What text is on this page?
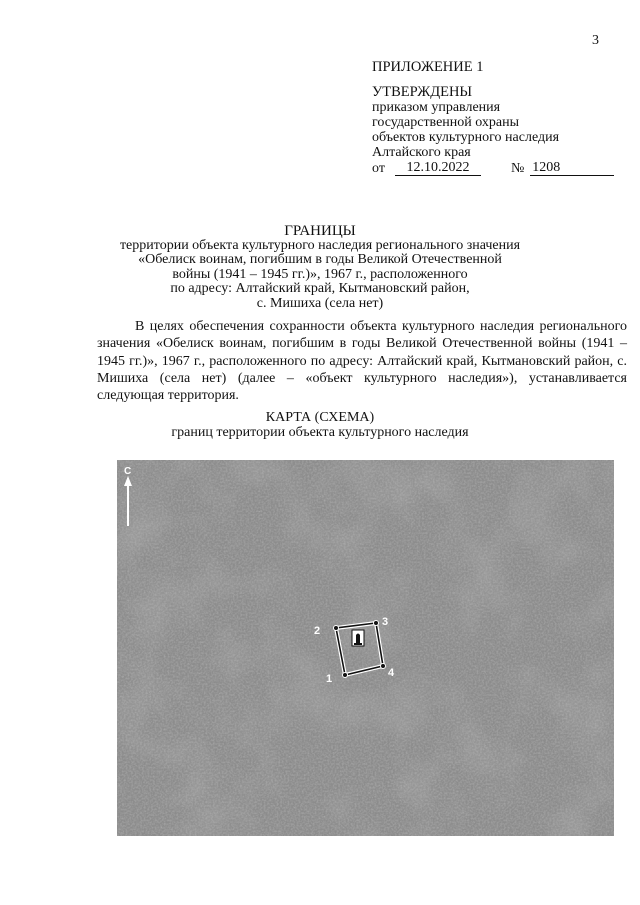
3
ПРИЛОЖЕНИЕ 1
УТВЕРЖДЕНЫ
приказом управления
государственной охраны
объектов культурного наследия
Алтайского края
от	12.10.2022	№ 1208
ГРАНИЦЫ
территории объекта культурного наследия регионального значения
«Обелиск воинам, погибшим в годы Великой Отечественной
войны (1941 – 1945 гг.)», 1967 г., расположенного
по адресу: Алтайский край, Кытмановский район,
с. Мишиха (села нет)
В целях обеспечения сохранности объекта культурного наследия регионального значения «Обелиск воинам, погибшим в годы Великой Отечественной войны (1941 – 1945 гг.)», 1967 г., расположенного по адресу: Алтайский край, Кытмановский район, с. Мишиха (села нет) (далее – «объект культурного наследия»), устанавливается следующая территория.
КАРТА (СХЕМА)
границ территории объекта культурного наследия
С
1
2
3
4
